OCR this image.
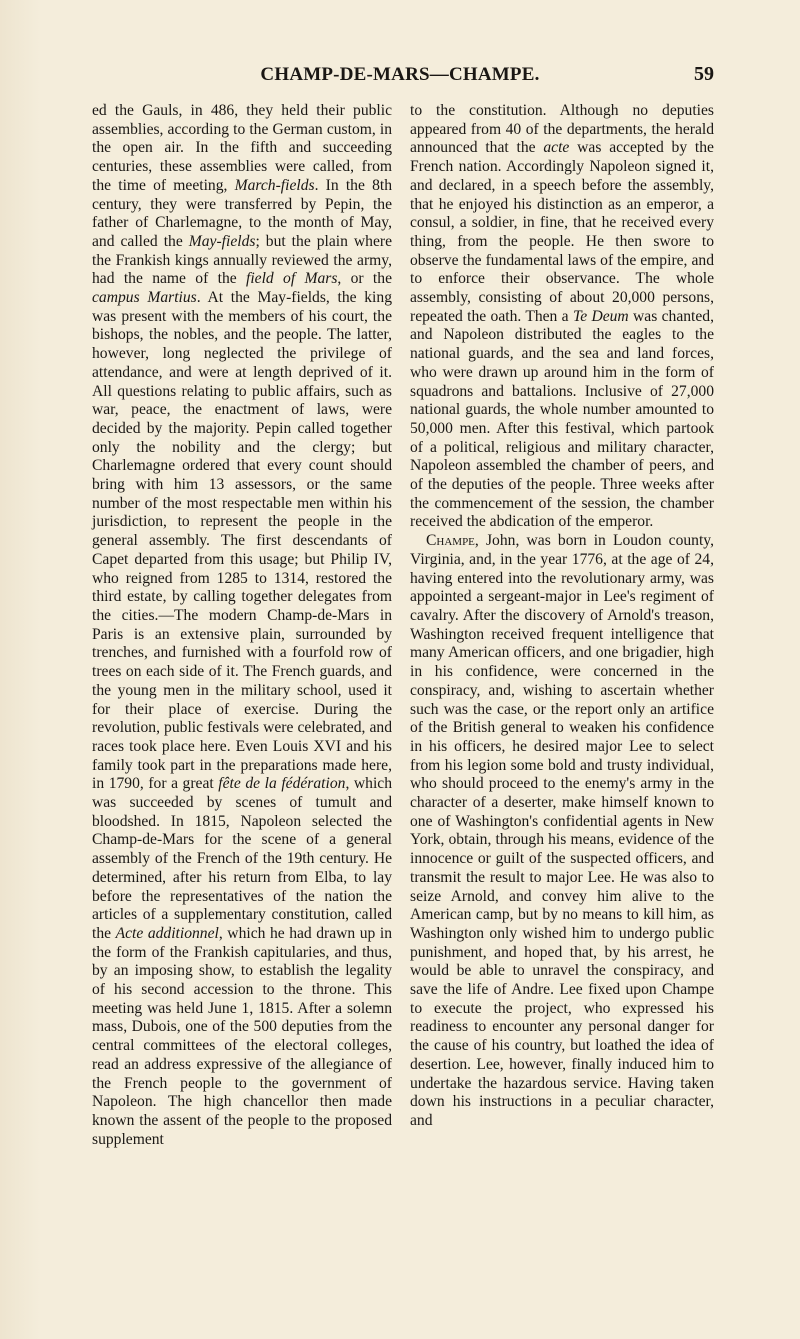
CHAMP-DE-MARS—CHAMPE.	59

ed the Gauls, in 486, they held their public assemblies, according to the German custom, in the open air. In the fifth and succeeding centuries, these assemblies were called, from the time of meeting, March-fields. In the 8th century, they were transferred by Pepin, the father of Charlemagne, to the month of May, and called the May-fields; but the plain where the Frankish kings annually reviewed the army, had the name of the field of Mars, or the campus Martius. At the May-fields, the king was present with the members of his court, the bishops, the nobles, and the people. The latter, however, long neglected the privilege of attendance, and were at length deprived of it. All questions relating to public affairs, such as war, peace, the enactment of laws, were decided by the majority. Pepin called together only the nobility and the clergy; but Charlemagne ordered that every count should bring with him 13 assessors, or the same number of the most respectable men within his jurisdiction, to represent the people in the general assembly. The first descendants of Capet departed from this usage; but Philip IV, who reigned from 1285 to 1314, restored the third estate, by calling together delegates from the cities.—The modern Champ-de-Mars in Paris is an extensive plain, surrounded by trenches, and furnished with a fourfold row of trees on each side of it. The French guards, and the young men in the military school, used it for their place of exercise. During the revolution, public festivals were celebrated, and races took place here. Even Louis XVI and his family took part in the preparations made here, in 1790, for a great fête de la fédération, which was succeeded by scenes of tumult and bloodshed. In 1815, Napoleon selected the Champ-de-Mars for the scene of a general assembly of the French of the 19th century. He determined, after his return from Elba, to lay before the representatives of the nation the articles of a supplementary constitution, called the Acte additionnel, which he had drawn up in the form of the Frankish capitularies, and thus, by an imposing show, to establish the legality of his second accession to the throne. This meeting was held June 1, 1815. After a solemn mass, Dubois, one of the 500 deputies from the central committees of the electoral colleges, read an address expressive of the allegiance of the French people to the government of Napoleon. The high chancellor then made known the assent of the people to the proposed supplement

to the constitution. Although no deputies appeared from 40 of the departments, the herald announced that the acte was accepted by the French nation. Accordingly Napoleon signed it, and declared, in a speech before the assembly, that he enjoyed his distinction as an emperor, a consul, a soldier, in fine, that he received every thing, from the people. He then swore to observe the fundamental laws of the empire, and to enforce their observance. The whole assembly, consisting of about 20,000 persons, repeated the oath. Then a Te Deum was chanted, and Napoleon distributed the eagles to the national guards, and the sea and land forces, who were drawn up around him in the form of squadrons and battalions. Inclusive of 27,000 national guards, the whole number amounted to 50,000 men. After this festival, which partook of a political, religious and military character, Napoleon assembled the chamber of peers, and of the deputies of the people. Three weeks after the commencement of the session, the chamber received the abdication of the emperor.

Champe, John, was born in Loudon county, Virginia, and, in the year 1776, at the age of 24, having entered into the revolutionary army, was appointed a sergeant-major in Lee's regiment of cavalry. After the discovery of Arnold's treason, Washington received frequent intelligence that many American officers, and one brigadier, high in his confidence, were concerned in the conspiracy, and, wishing to ascertain whether such was the case, or the report only an artifice of the British general to weaken his confidence in his officers, he desired major Lee to select from his legion some bold and trusty individual, who should proceed to the enemy's army in the character of a deserter, make himself known to one of Washington's confidential agents in New York, obtain, through his means, evidence of the innocence or guilt of the suspected officers, and transmit the result to major Lee. He was also to seize Arnold, and convey him alive to the American camp, but by no means to kill him, as Washington only wished him to undergo public punishment, and hoped that, by his arrest, he would be able to unravel the conspiracy, and save the life of Andre. Lee fixed upon Champe to execute the project, who expressed his readiness to encounter any personal danger for the cause of his country, but loathed the idea of desertion. Lee, however, finally induced him to undertake the hazardous service. Having taken down his instructions in a peculiar character, and
